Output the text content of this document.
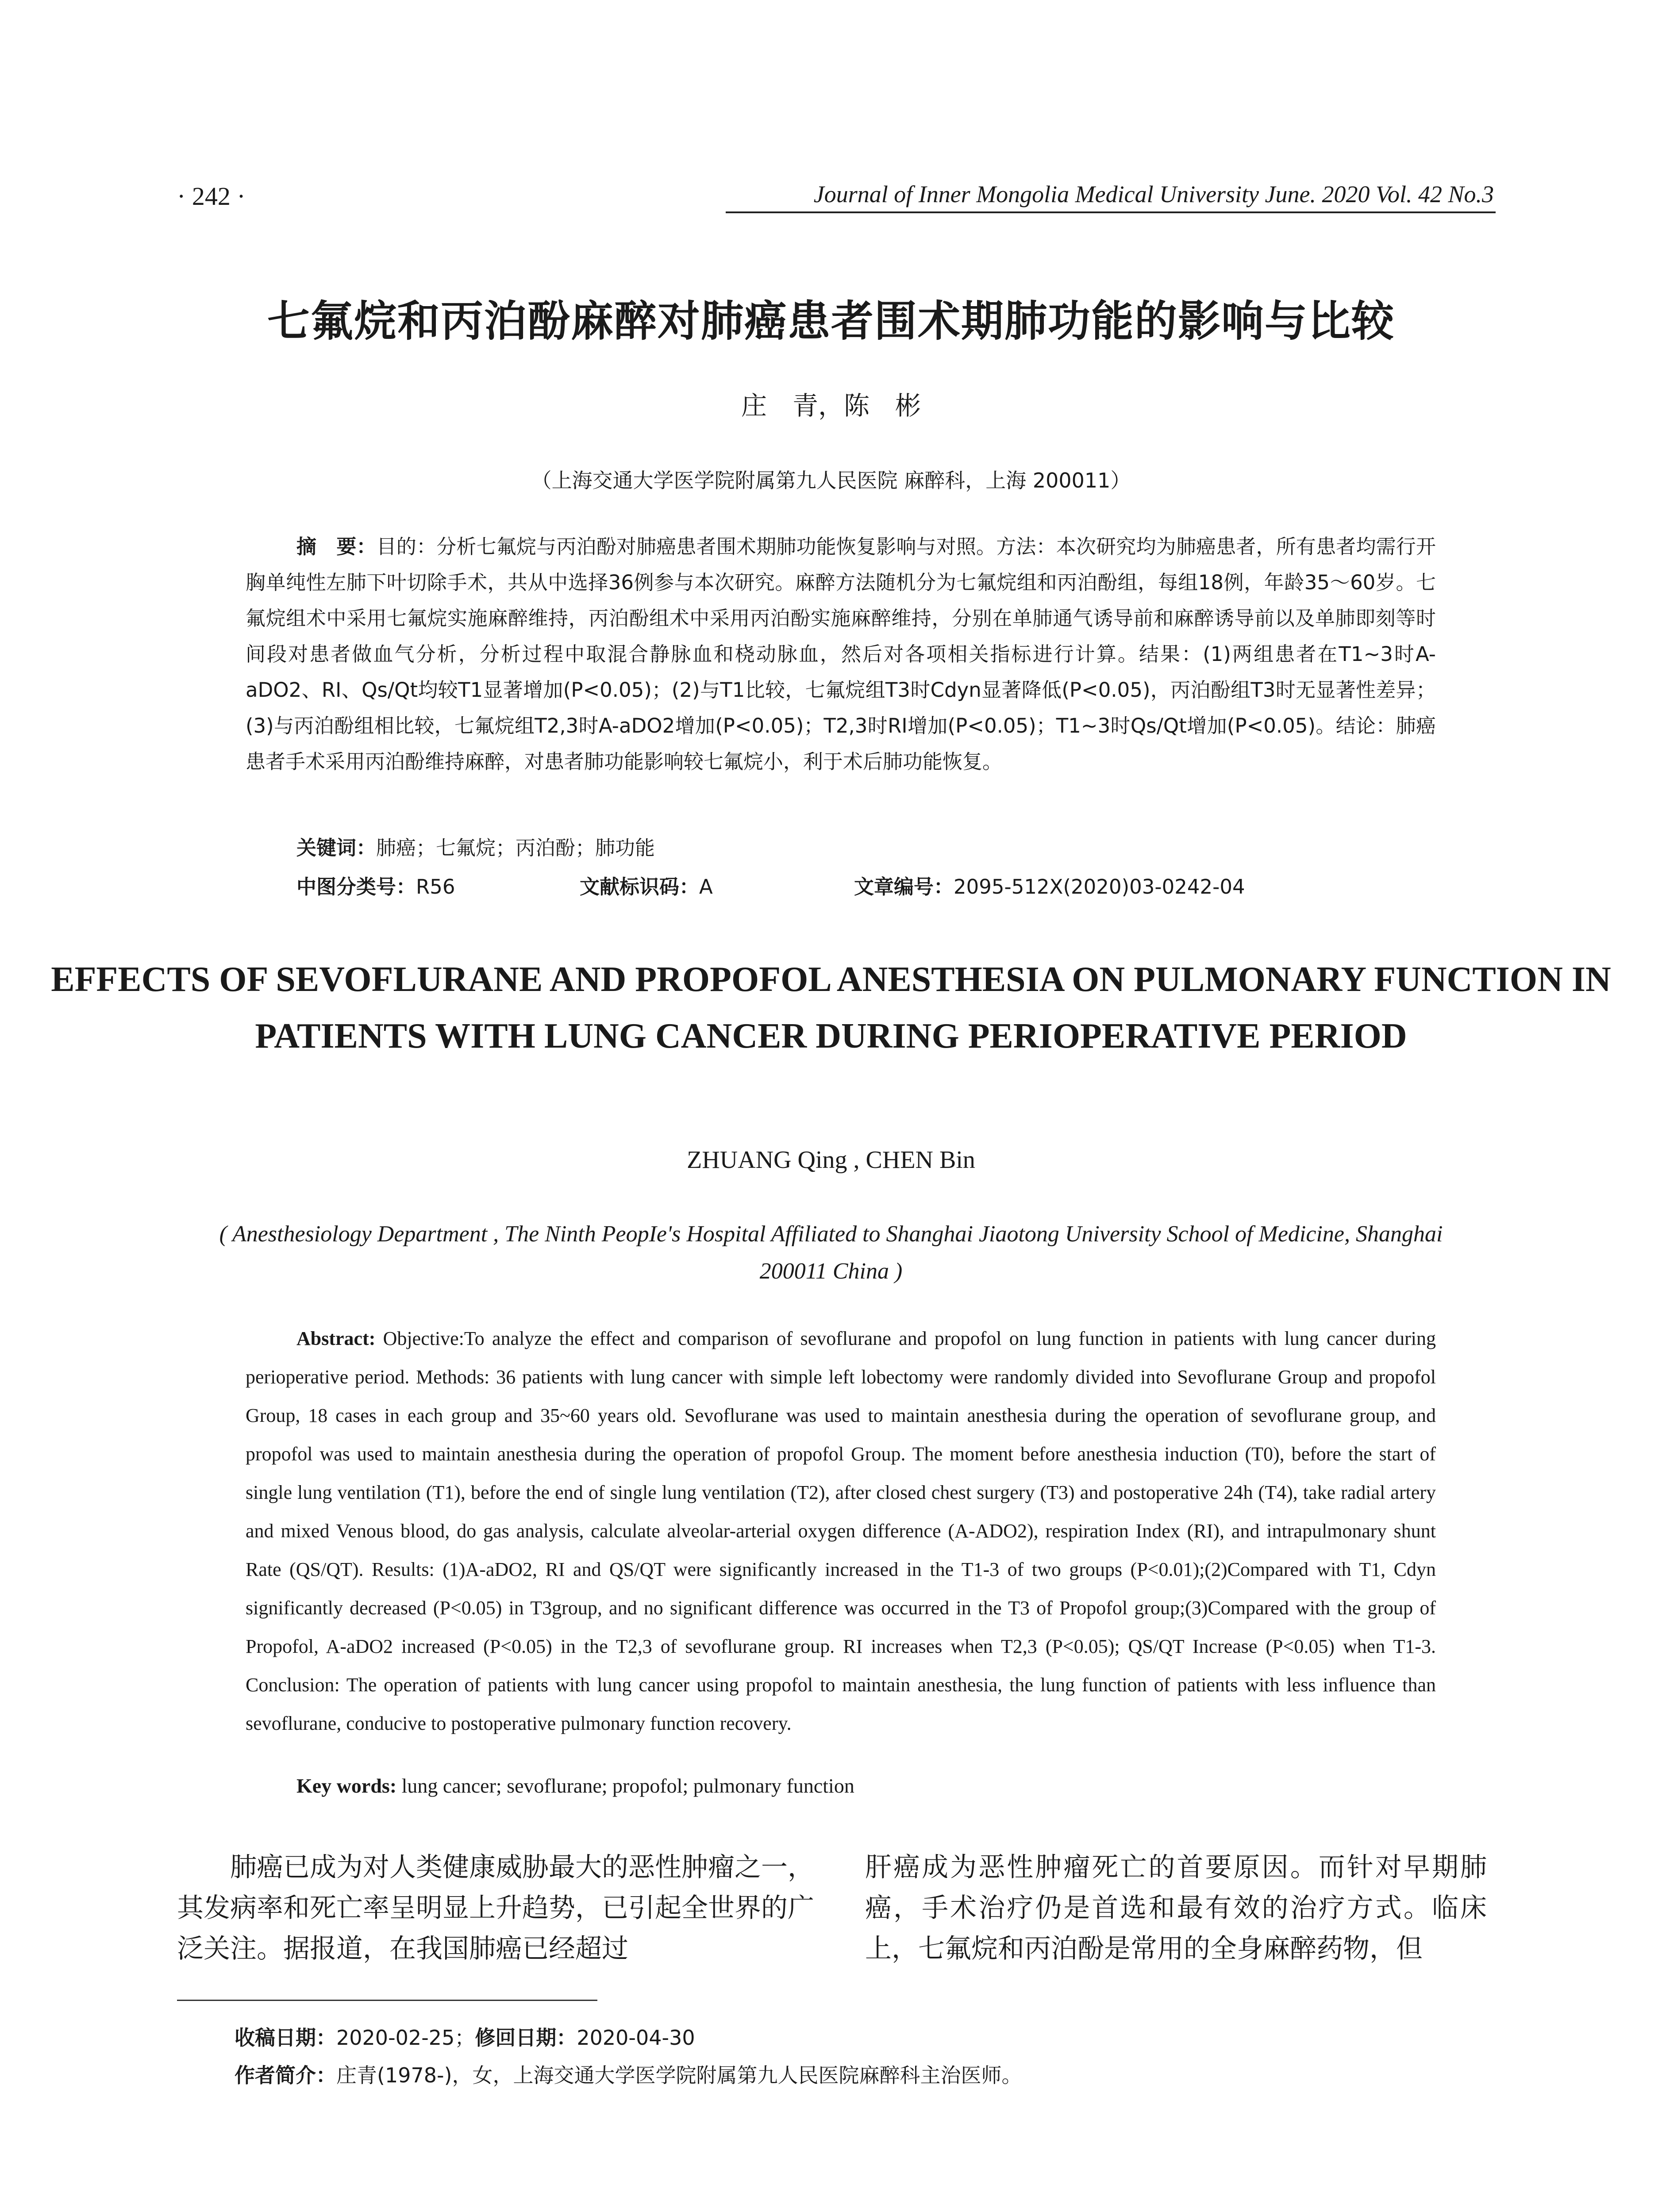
· 242 ·	Journal of Inner Mongolia Medical University June. 2020 Vol. 42 No.3
七氟烷和丙泊酚麻醉对肺癌患者围术期肺功能的影响与比较
庄　青，陈　彬
（上海交通大学医学院附属第九人民医院 麻醉科，上海 200011）
摘　要：目的：分析七氟烷与丙泊酚对肺癌患者围术期肺功能恢复影响与对照。方法：本次研究均为肺癌患者，所有患者均需行开胸单纯性左肺下叶切除手术，共从中选择36例参与本次研究。麻醉方法随机分为七氟烷组和丙泊酚组，每组18例，年龄35～60岁。七氟烷组术中采用七氟烷实施麻醉维持，丙泊酚组术中采用丙泊酚实施麻醉维持，分别在单肺通气诱导前和麻醉诱导前以及单肺即刻等时间段对患者做血气分析，分析过程中取混合静脉血和桡动脉血，然后对各项相关指标进行计算。结果：(1)两组患者在T1~3时A-aDO2、RI、Qs/Qt均较T1显著增加(P<0.05)；(2)与T1比较，七氟烷组T3时Cdyn显著降低(P<0.05)，丙泊酚组T3时无显著性差异；(3)与丙泊酚组相比较，七氟烷组T2,3时A-aDO2增加(P<0.05)；T2,3时RI增加(P<0.05)；T1~3时Qs/Qt增加(P<0.05)。结论：肺癌患者手术采用丙泊酚维持麻醉，对患者肺功能影响较七氟烷小，利于术后肺功能恢复。
关键词：肺癌；七氟烷；丙泊酚；肺功能
中图分类号：R56	文献标识码：A	文章编号：2095-512X(2020)03-0242-04
EFFECTS OF SEVOFLURANE AND PROPOFOL ANESTHESIA ON PULMONARY FUNCTION IN PATIENTS WITH LUNG CANCER DURING PERIOPERATIVE PERIOD
ZHUANG Qing , CHEN Bin
( Anesthesiology Department , The Ninth PeopIe's Hospital Affiliated to Shanghai Jiaotong University School of Medicine, Shanghai 200011 China )
Abstract: Objective:To analyze the effect and comparison of sevoflurane and propofol on lung function in patients with lung cancer during perioperative period. Methods: 36 patients with lung cancer with simple left lobectomy were randomly divided into Sevoflurane Group and propofol Group, 18 cases in each group and 35~60 years old. Sevoflurane was used to maintain anesthesia during the operation of sevoflurane group, and propofol was used to maintain anesthesia during the operation of propofol Group. The moment before anesthesia induction (T0), before the start of single lung ventilation (T1), before the end of single lung ventilation (T2), after closed chest surgery (T3) and postoperative 24h (T4), take radial artery and mixed Venous blood, do gas analysis, calculate alveolar-arterial oxygen difference (A-ADO2), respiration Index (RI), and intrapulmonary shunt Rate (QS/QT). Results: (1)A-aDO2, RI and QS/QT were significantly increased in the T1-3 of two groups (P<0.01);(2)Compared with T1, Cdyn significantly decreased (P<0.05) in T3group, and no significant difference was occurred in the T3 of Propofol group;(3)Compared with the group of Propofol, A-aDO2 increased (P<0.05) in the T2,3 of sevoflurane group. RI increases when T2,3 (P<0.05); QS/QT Increase (P<0.05) when T1-3. Conclusion: The operation of patients with lung cancer using propofol to maintain anesthesia, the lung function of patients with less influence than sevoflurane, conducive to postoperative pulmonary function recovery.
Key words: lung cancer; sevoflurane; propofol; pulmonary function
肺癌已成为对人类健康威胁最大的恶性肿瘤之一，其发病率和死亡率呈明显上升趋势，已引起全世界的广泛关注。据报道，在我国肺癌已经超过
肝癌成为恶性肿瘤死亡的首要原因。而针对早期肺癌，手术治疗仍是首选和最有效的治疗方式。临床上，七氟烷和丙泊酚是常用的全身麻醉药物，但
收稿日期：2020-02-25；修回日期：2020-04-30
作者简介：庄青(1978-)，女，上海交通大学医学院附属第九人民医院麻醉科主治医师。
